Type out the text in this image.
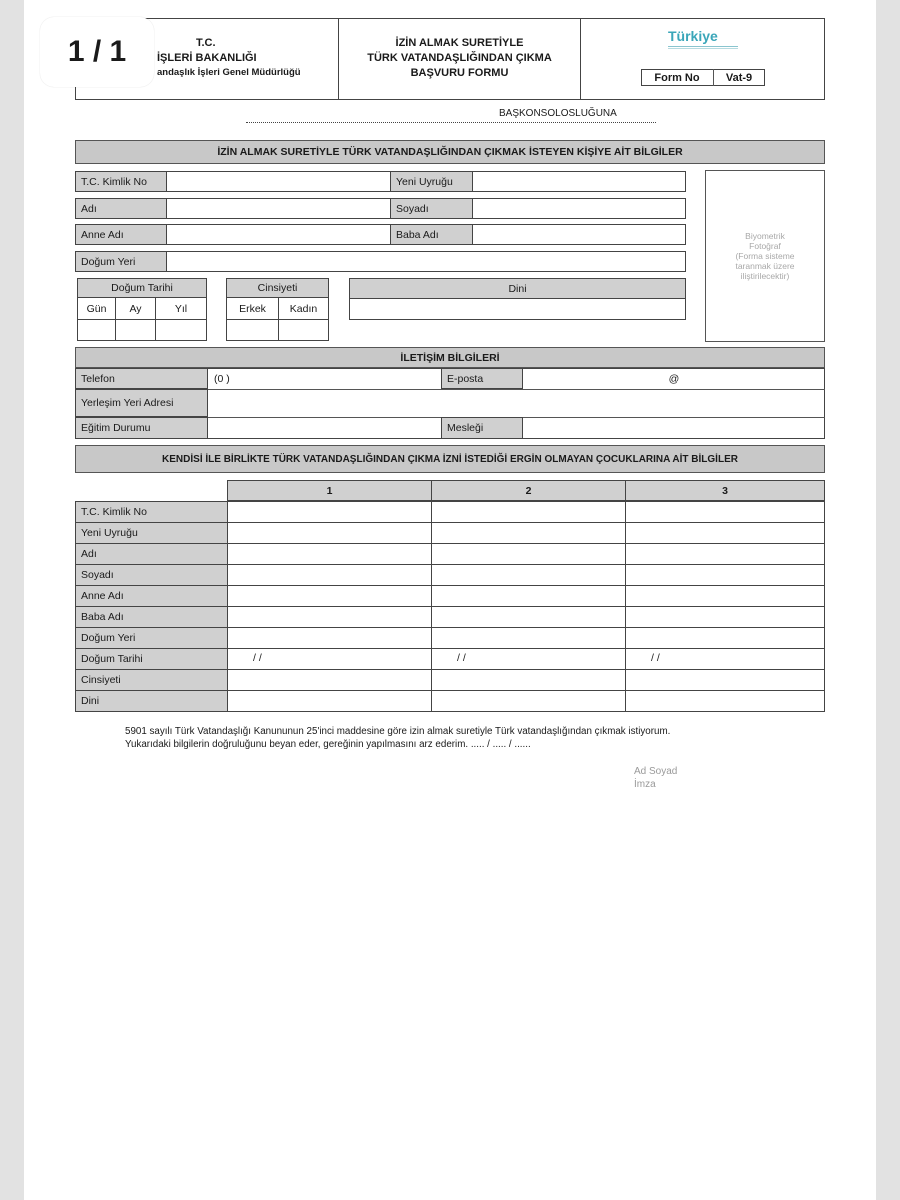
T.C.
İŞLERİ BAKANLIĞI
andaşlık İşleri Genel Müdürlüğü
İZİN ALMAK SURETİYLE
TÜRK VATANDAŞLIĞINDAN ÇIKMA
BAŞVURU FORMU
Türkiye
Form No	Vat-9
1 / 1
BAŞKONSOLOSLUĞUNA
İZİN ALMAK SURETİYLE TÜRK VATANDAŞLIĞINDAN ÇIKMAK İSTEYEN KİŞİYE AİT BİLGİLER
T.C. Kimlik No	Yeni Uyruğu
Adı	Soyadı
Anne Adı	Baba Adı
Doğum Yeri
Doğum Tarihi
Gün	Ay	Yıl
Cinsiyeti
Erkek	Kadın
Dini
Biyometrik
Fotoğraf
(Forma sisteme
taranmak üzere
iliştirilecektir)
İLETİŞİM BİLGİLERİ
Telefon	(0 )	E-posta	@
Yerleşim Yeri Adresi
Eğitim Durumu	Mesleği
KENDİSİ İLE BİRLİKTE TÜRK VATANDAŞLIĞINDAN ÇIKMA İZNİ İSTEDİĞİ ERGİN OLMAYAN ÇOCUKLARINA AİT BİLGİLER
1	2	3
T.C. Kimlik No
Yeni Uyruğu
Adı
Soyadı
Anne Adı
Baba Adı
Doğum Yeri
Doğum Tarihi	/ /	/ /	/ /
Cinsiyeti
Dini
5901 sayılı Türk Vatandaşlığı Kanununun 25'inci maddesine göre izin almak suretiyle Türk vatandaşlığından çıkmak istiyorum.
Yukarıdaki bilgilerin doğruluğunu beyan eder, gereğinin yapılmasını arz ederim. ..... / ..... / ......
Ad Soyad
İmza
